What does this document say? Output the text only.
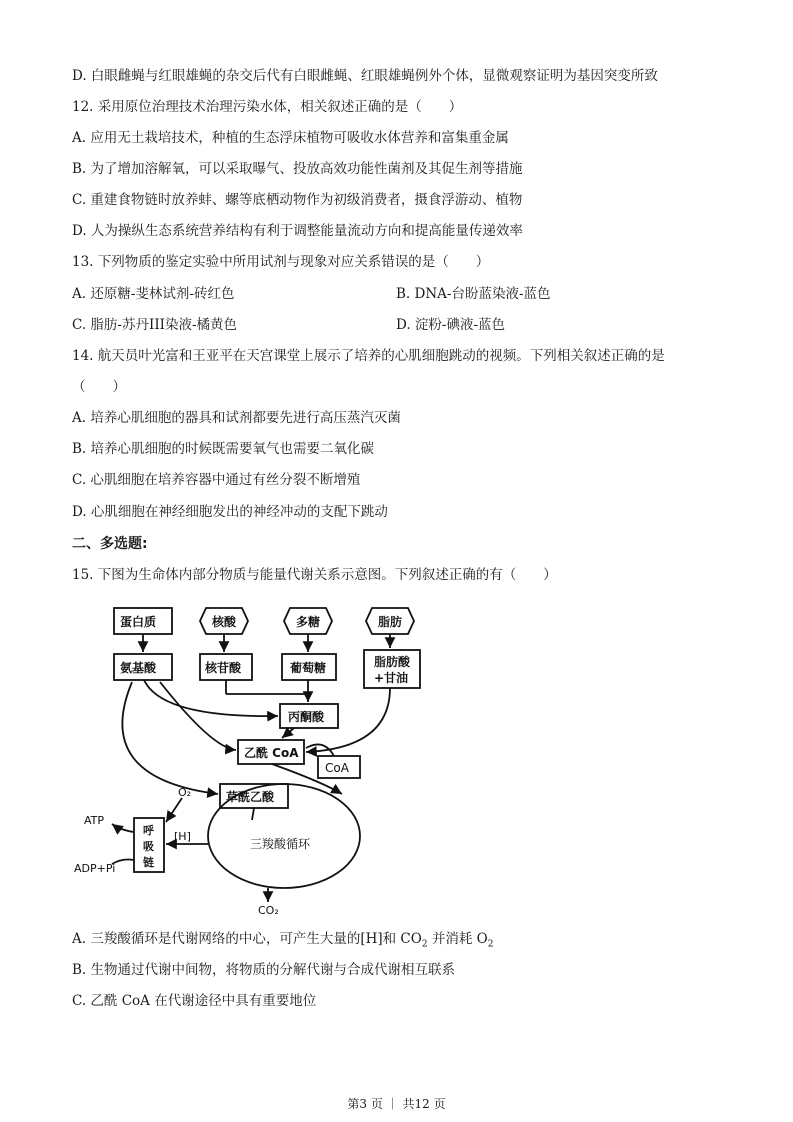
D. 白眼雌蝇与红眼雄蝇的杂交后代有白眼雌蝇、红眼雄蝇例外个体，显微观察证明为基因突变所致
12. 采用原位治理技术治理污染水体，相关叙述正确的是（　　）
A. 应用无土栽培技术，种植的生态浮床植物可吸收水体营养和富集重金属
B. 为了增加溶解氧，可以采取曝气、投放高效功能性菌剂及其促生剂等措施
C. 重建食物链时放养蚌、螺等底栖动物作为初级消费者，摄食浮游动、植物
D. 人为操纵生态系统营养结构有利于调整能量流动方向和提高能量传递效率
13. 下列物质的鉴定实验中所用试剂与现象对应关系错误的是（　　）
A. 还原糖-斐林试剂-砖红色	B. DNA-台盼蓝染液-蓝色
C. 脂肪-苏丹III染液-橘黄色	D. 淀粉-碘液-蓝色
14. 航天员叶光富和王亚平在天宫课堂上展示了培养的心肌细胞跳动的视频。下列相关叙述正确的是
（　　）
A. 培养心肌细胞的器具和试剂都要先进行高压蒸汽灭菌
B. 培养心肌细胞的时候既需要氧气也需要二氧化碳
C. 心肌细胞在培养容器中通过有丝分裂不断增殖
D. 心肌细胞在神经细胞发出的神经冲动的支配下跳动
二、多选题:
15. 下图为生命体内部分物质与能量代谢关系示意图。下列叙述正确的有（　　）
蛋白质	核酸	多糖	脂肪
氨基酸	核苷酸	葡萄糖	脂肪酸
+甘油
丙酮酸
乙酰 CoA
CoA
草酰乙酸
O₂
ATP
呼
吸
链
[H]
ADP+Pi
三羧酸循环
CO₂
A. 三羧酸循环是代谢网络的中心，可产生大量的[H]和 $CO_2$ 并消耗 $O_2$
B. 生物通过代谢中间物，将物质的分解代谢与合成代谢相互联系
C. 乙酰 CoA 在代谢途径中具有重要地位
第3 页 ｜ 共12 页
